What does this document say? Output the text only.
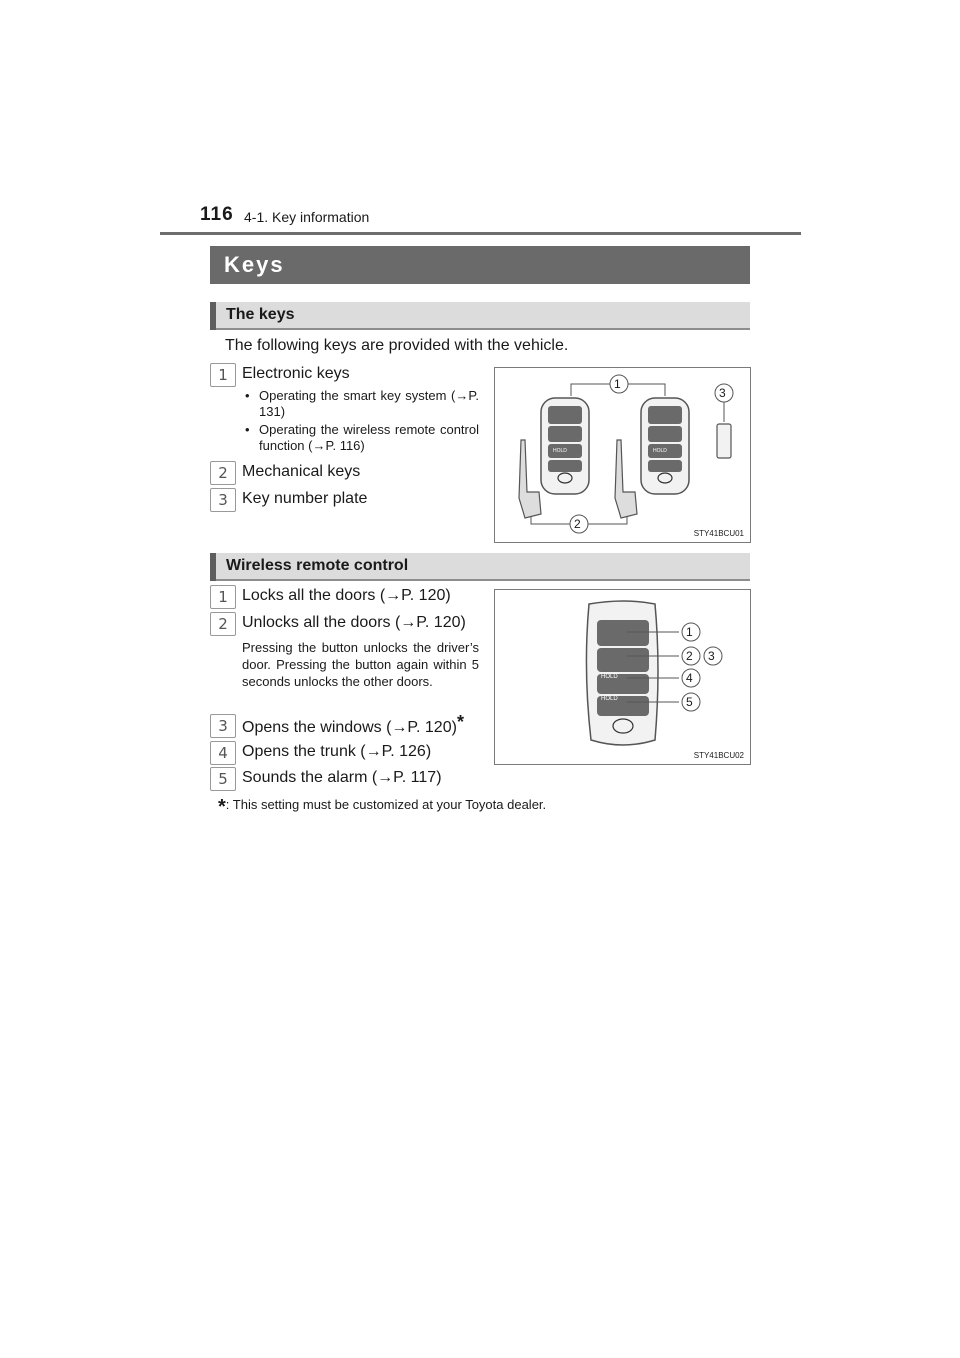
116 4-1. Key information
Keys
The keys
The following keys are provided with the vehicle.
1 Electronic keys
• Operating the smart key system (→P. 131)
• Operating the wireless remote control function (→P. 116)
2 Mechanical keys
3 Key number plate
1
2
3
HOLD	HOLD
STY41BCU01
Wireless remote control
1 Locks all the doors (→P. 120)
2 Unlocks all the doors (→P. 120)
Pressing the button unlocks the driver’s door. Pressing the button again within 5 seconds unlocks the other doors.
3 Opens the windows (→P. 120)*
4 Opens the trunk (→P. 126)
5 Sounds the alarm (→P. 117)
1
2 3
4
5
HOLD
HOLD
STY41BCU02
*: This setting must be customized at your Toyota dealer.
